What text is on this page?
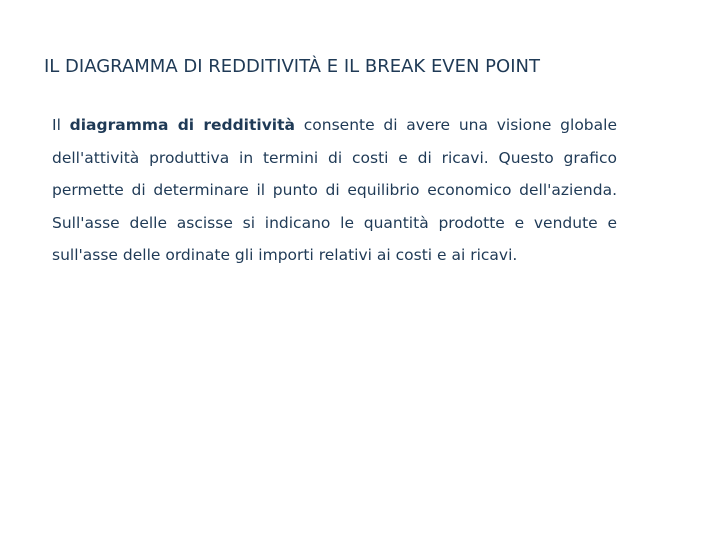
IL DIAGRAMMA DI REDDITIVITÀ E IL BREAK EVEN POINT

Il diagramma di redditività consente di avere una visione globale dell'attività produttiva in termini di costi e di ricavi. Questo grafico permette di determinare il punto di equilibrio economico dell'azienda. Sull'asse delle ascisse si indicano le quantità prodotte e vendute e sull'asse delle ordinate gli importi relativi ai costi e ai ricavi.
